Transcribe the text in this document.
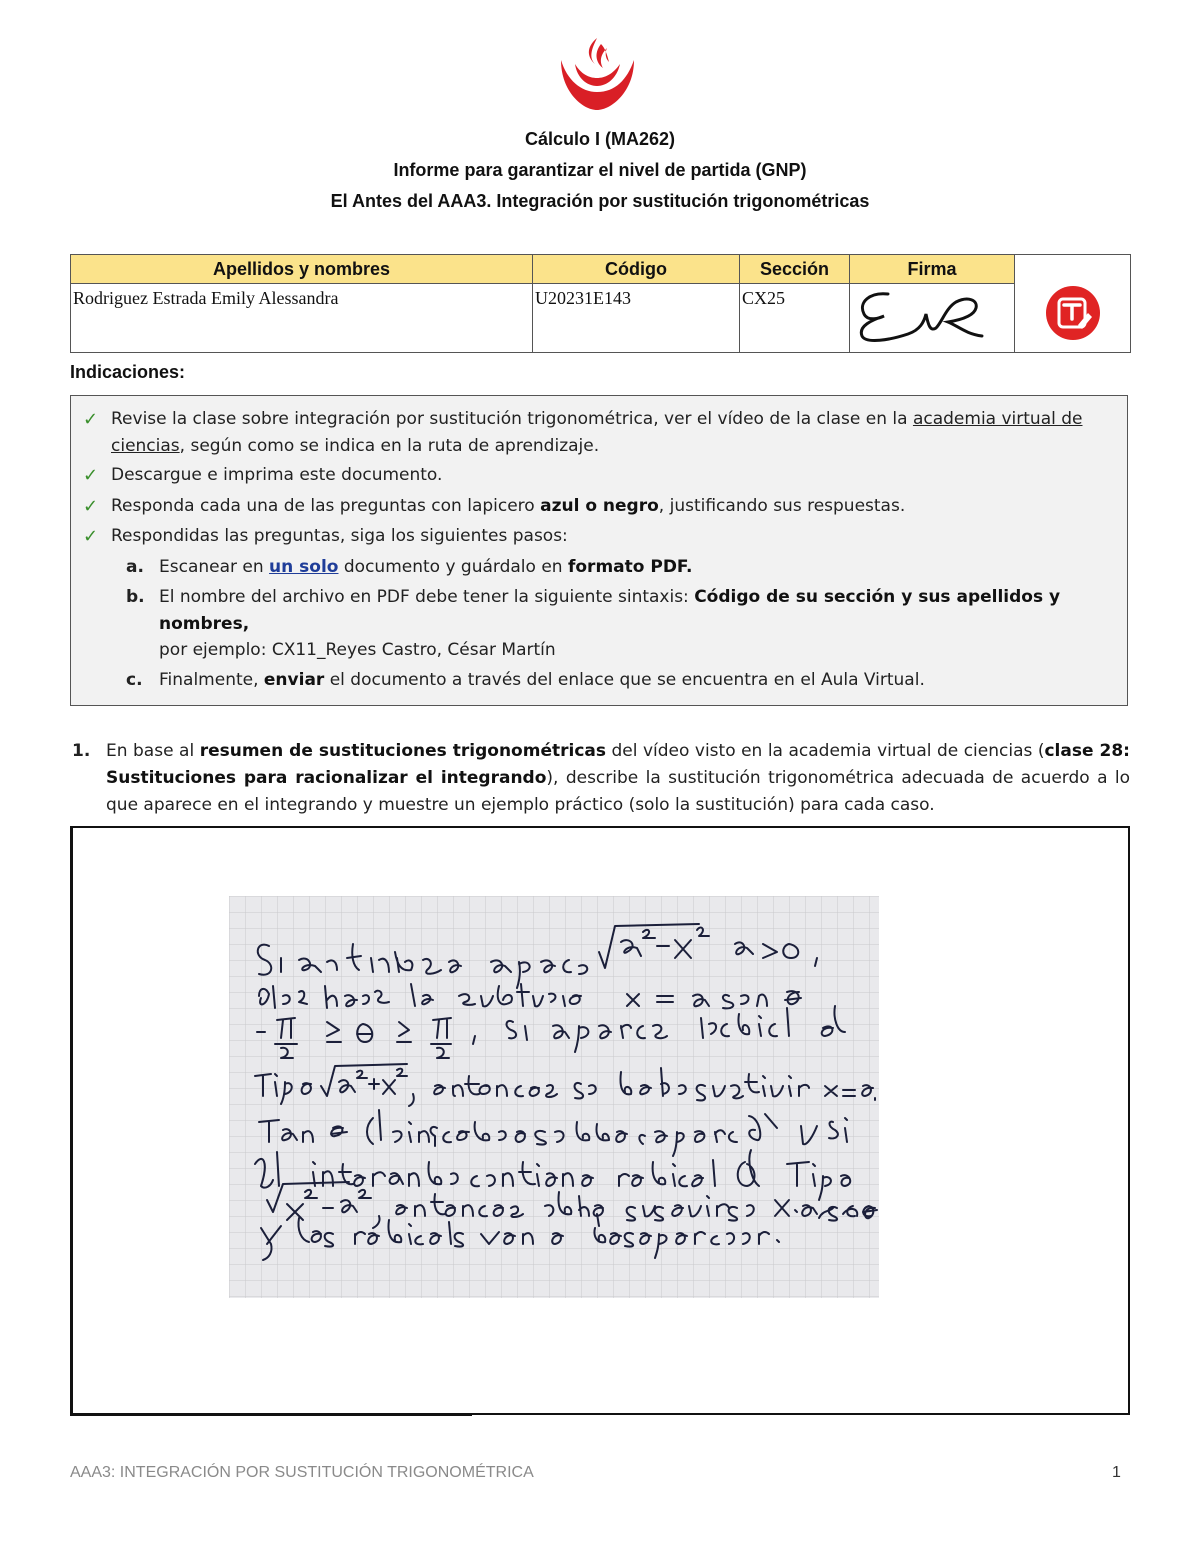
Cálculo I (MA262)
Informe para garantizar el nivel de partida (GNP)
El Antes del AAA3. Integración por sustitución trigonométricas
Apellidos y nombres	Código	Sección	Firma	
Rodriguez Estrada Emily Alessandra	U20231E143	CX25		
Indicaciones:
✓ Revise la clase sobre integración por sustitución trigonométrica, ver el vídeo de la clase en la academia virtual de ciencias, según como se indica en la ruta de aprendizaje.
✓ Descargue e imprima este documento.
✓ Responda cada una de las preguntas con lapicero azul o negro, justificando sus respuestas.
✓ Respondidas las preguntas, siga los siguientes pasos:
a. Escanear en un solo documento y guárdalo en formato PDF.
b. El nombre del archivo en PDF debe tener la siguiente sintaxis: Código de su sección y sus apellidos y nombres,
por ejemplo: CX11_Reyes Castro, César Martín
c. Finalmente, enviar el documento a través del enlace que se encuentra en el Aula Virtual.
1. En base al resumen de sustituciones trigonométricas del vídeo visto en la academia virtual de ciencias (clase 28: Sustituciones para racionalizar el integrando), describe la sustitución trigonométrica adecuada de acuerdo a lo que aparece en el integrando y muestre un ejemplo práctico (solo la sustitución) para cada caso.
AAA3: INTEGRACIÓN POR SUSTITUCIÓN TRIGONOMÉTRICA	1
